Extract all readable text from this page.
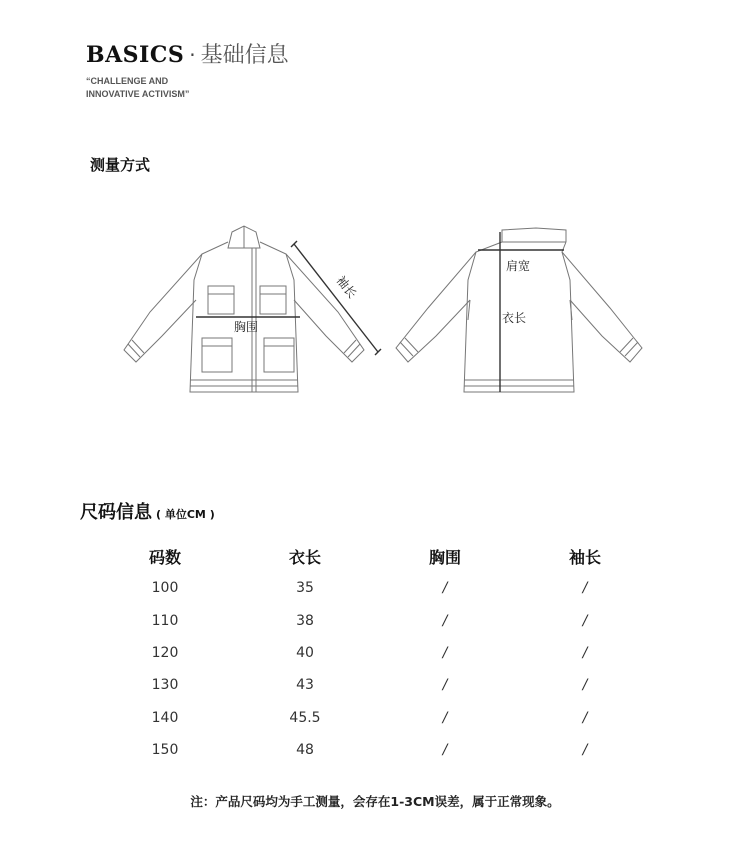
BASICS · 基础信息
“CHALLENGE AND
INNOVATIVE ACTIVISM”
测量方式
胸围
袖长
肩宽
衣长
尺码信息 ( 单位CM )
码数	衣长	胸围	袖长
100	35	/	/
110	38	/	/
120	40	/	/
130	43	/	/
140	45.5	/	/
150	48	/	/
注：产品尺码均为手工测量，会存在1-3CM误差，属于正常现象。
